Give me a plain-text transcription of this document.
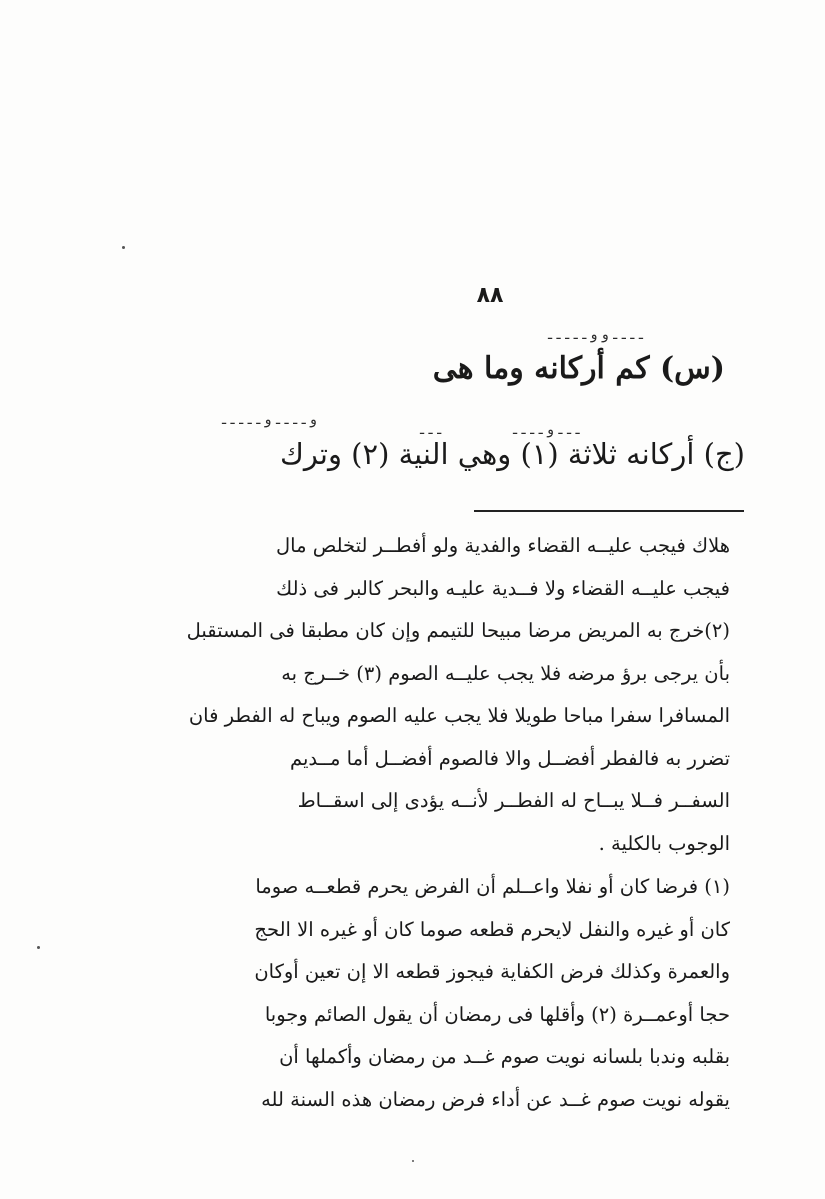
٨٨
ـ ـ ـ ـ و و ـ ـ ـ ـ ـ
(س) كم أركانه وما هى
و ـ ـ ـ ـ و ـ ـ ـ ـ ـ
ـ ـ ـ	ـ ـ ـ و ـ ـ ـ ـ
(ج) أركانه ثلاثة (١) وهي النية (٢) وترك
هلاك فيجب عليــه القضاء والفدية ولو أفطــر لتخلص مال
فيجب عليــه القضاء ولا فــدية عليـه والبحر كالبر فى ذلك
(٢)خرج به المريض مرضا مبيحا للتيمم وإن كان مطبقا فى المستقبل
بأن يرجى برؤ مرضه فلا يجب عليــه الصوم (٣) خــرج به
المسافرا سفرا مباحا طويلا فلا يجب عليه الصوم ويباح له الفطر فان
تضرر به فالفطر أفضــل والا فالصوم أفضــل أما مــديم
السفــر فــلا يبــاح له الفطــر لأنــه يؤدى إلى اسقــاط
الوجوب بالكلية .
(١) فرضا كان أو نفلا واعــلم أن الفرض يحرم قطعــه صوما
كان أو غيره والنفل لايحرم قطعه صوما كان أو غيره الا الحج
والعمرة وكذلك فرض الكفاية فيجوز قطعه الا إن تعين أوكان
حجا أوعمــرة (٢) وأقلها فى رمضان أن يقول الصائم وجوبا
بقلبه وندبا بلسانه نويت صوم غــد من رمضان وأكملها أن
يقوله نويت صوم غــد عن أداء فرض رمضان هذه السنة لله
